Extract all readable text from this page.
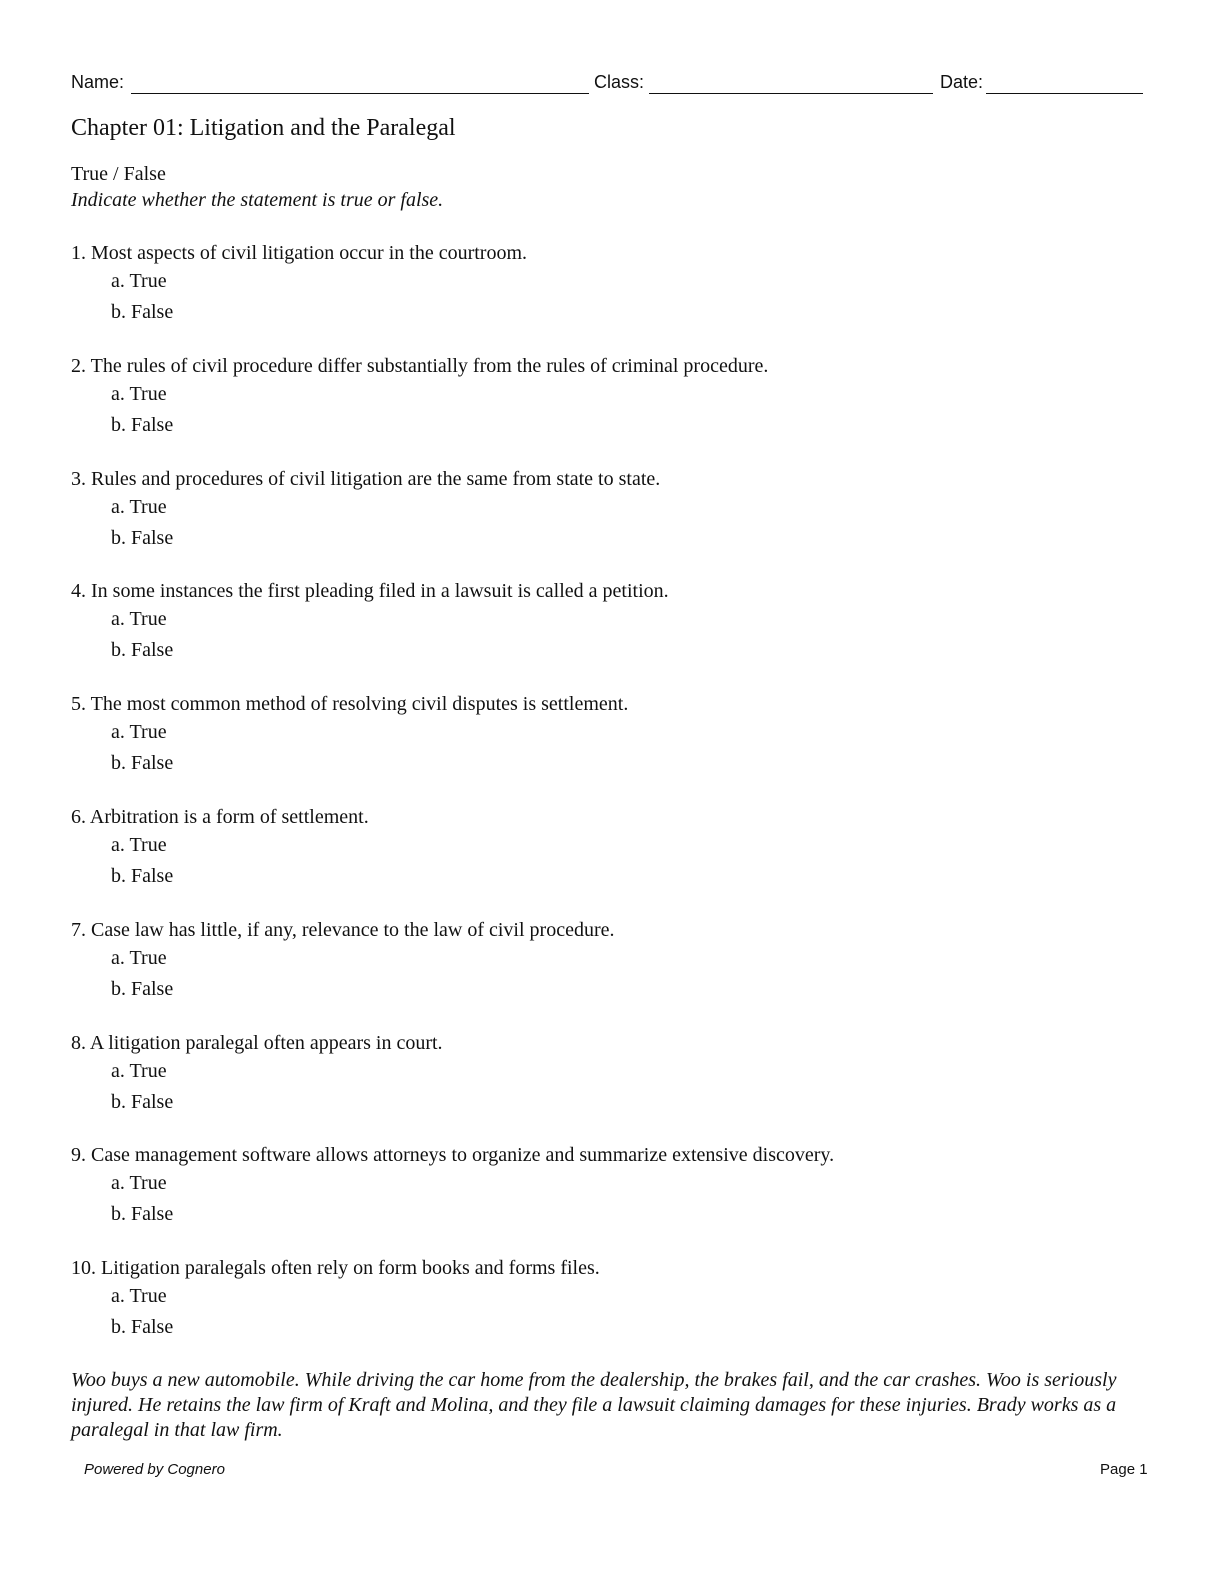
Name:	Class:	Date:
Chapter 01: Litigation and the Paralegal
True / False
Indicate whether the statement is true or false.
1. Most aspects of civil litigation occur in the courtroom.
a. True
b. False
2. The rules of civil procedure differ substantially from the rules of criminal procedure.
a. True
b. False
3. Rules and procedures of civil litigation are the same from state to state.
a. True
b. False
4. In some instances the first pleading filed in a lawsuit is called a petition.
a. True
b. False
5. The most common method of resolving civil disputes is settlement.
a. True
b. False
6. Arbitration is a form of settlement.
a. True
b. False
7. Case law has little, if any, relevance to the law of civil procedure.
a. True
b. False
8. A litigation paralegal often appears in court.
a. True
b. False
9. Case management software allows attorneys to organize and summarize extensive discovery.
a. True
b. False
10. Litigation paralegals often rely on form books and forms files.
a. True
b. False
Woo buys a new automobile. While driving the car home from the dealership, the brakes fail, and the car crashes. Woo is seriously injured. He retains the law firm of Kraft and Molina, and they file a lawsuit claiming damages for these injuries. Brady works as a paralegal in that law firm.
Powered by Cognero	Page 1
